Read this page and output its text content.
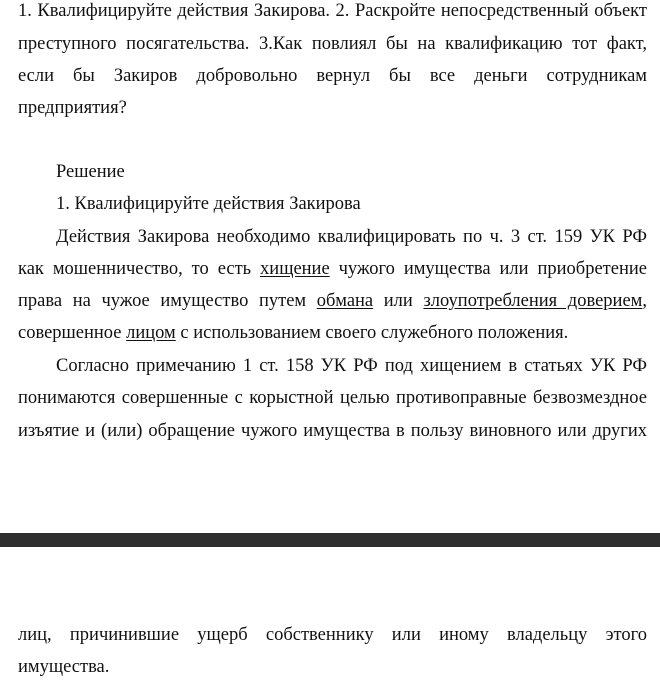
1. Квалифицируйте действия Закирова. 2. Раскройте непосредственный объект
преступного посягательства. 3.Как повлиял бы на квалификацию тот факт,
если бы Закиров добровольно вернул бы все деньги сотрудникам
предприятия?
Решение
1. Квалифицируйте действия Закирова
Действия Закирова необходимо квалифицировать по ч. 3 ст. 159 УК РФ
как мошенничество, то есть хищение чужого имущества или приобретение
права на чужое имущество путем обмана или злоупотребления доверием,
совершенное лицом с использованием своего служебного положения.
Согласно примечанию 1 ст. 158 УК РФ под хищением в статьях УК РФ
понимаются совершенные с корыстной целью противоправные безвозмездное
изъятие и (или) обращение чужого имущества в пользу виновного или других
лиц, причинившие ущерб собственнику или иному владельцу этого
имущества.
